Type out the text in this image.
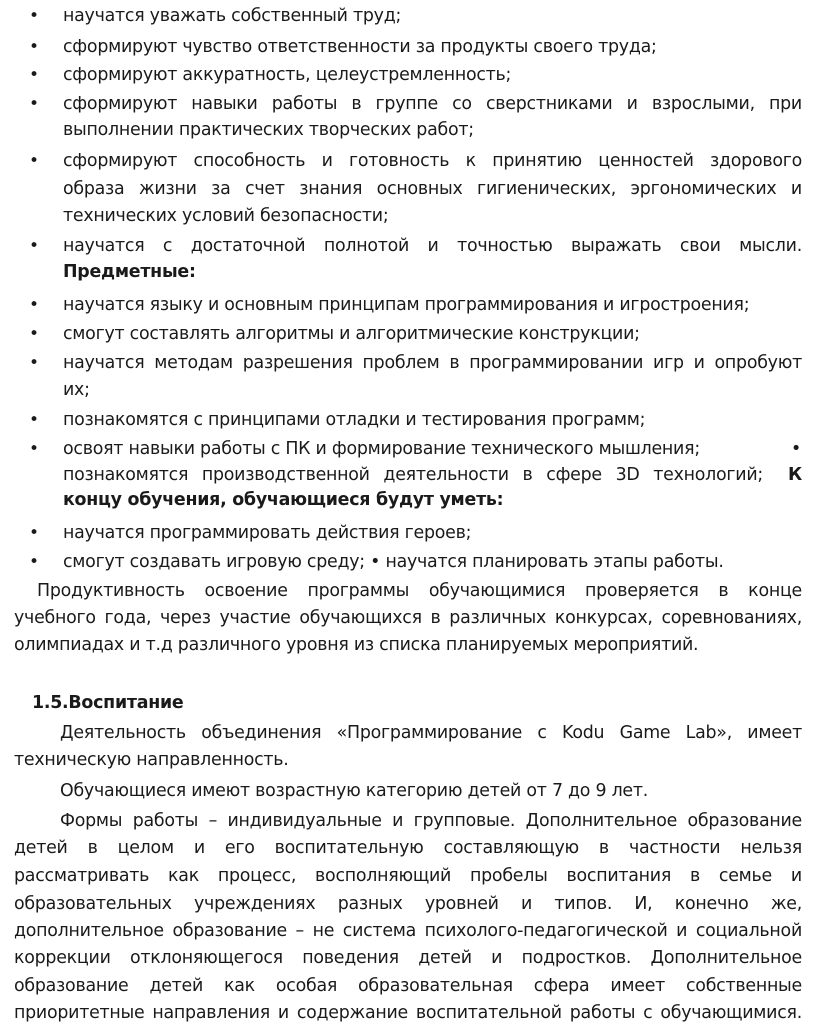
• научатся уважать собственный труд;
• сформируют чувство ответственности за продукты своего труда;
• сформируют аккуратность, целеустремленность;
• сформируют навыки работы в группе со сверстниками и взрослыми, при
выполнении практических творческих работ;
• сформируют способность и готовность к принятию ценностей здорового
образа жизни за счет знания основных гигиенических, эргономических и
технических условий безопасности;
• научатся с достаточной полнотой и точностью выражать свои мысли.
Предметные:
• научатся языку и основным принципам программирования и игростроения;
• смогут составлять алгоритмы и алгоритмические конструкции;
• научатся методам разрешения проблем в программировании игр и опробуют
их;
• познакомятся с принципами отладки и тестирования программ;
• освоят навыки работы с ПК и формирование технического мышления;	•
познакомятся производственной деятельности в сфере 3D технологий; К
концу обучения, обучающиеся будут уметь:
• научатся программировать действия героев;
• смогут создавать игровую среду; • научатся планировать этапы работы.
Продуктивность освоение программы обучающимися проверяется в конце
учебного года, через участие обучающихся в различных конкурсах, соревнованиях,
олимпиадах и т.д различного уровня из списка планируемых мероприятий.
1.5.Воспитание
Деятельность объединения «Программирование с Kodu Game Lab», имеет
техническую направленность.
Обучающиеся имеют возрастную категорию детей от 7 до 9 лет.
Формы работы – индивидуальные и групповые. Дополнительное образование
детей в целом и его воспитательную составляющую в частности нельзя
рассматривать как процесс, восполняющий пробелы воспитания в семье и
образовательных учреждениях разных уровней и типов. И, конечно же,
дополнительное образование – не система психолого-педагогической и социальной
коррекции отклоняющегося поведения детей и подростков. Дополнительное
образование детей как особая образовательная сфера имеет собственные
приоритетные направления и содержание воспитательной работы с обучающимися.
